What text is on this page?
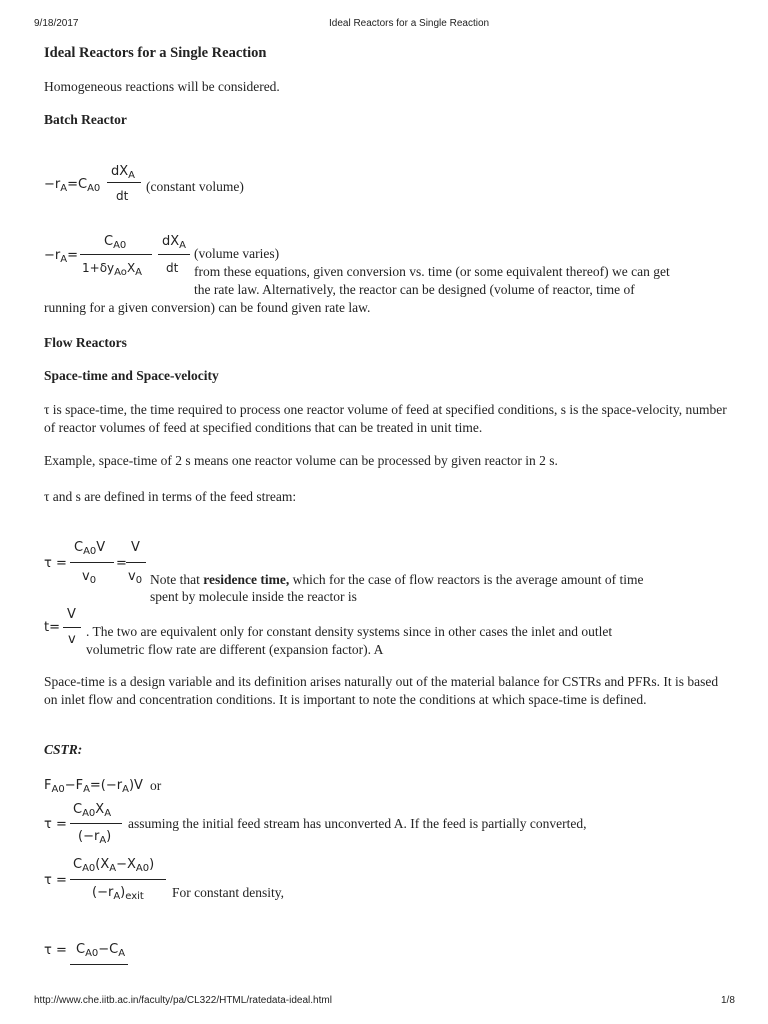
9/18/2017	Ideal Reactors for a Single Reaction
Ideal Reactors for a Single Reaction
Homogeneous reactions will be considered.
Batch Reactor
$-r_A=C_{A0}$
$dX_A$
dt
(constant volume)
$-r_A=$
$C_{A0}$
$1+\delta y_{Ao}X_A$
$dX_A$
dt
(volume varies)
from these equations, given conversion vs. time (or some equivalent thereof) we can get
the rate law. Alternatively, the reactor can be designed (volume of reactor, time of
running for a given conversion) can be found given rate law.
Flow Reactors
Space-time and Space-velocity
τ is space-time, the time required to process one reactor volume of feed at specified conditions, s is the space-velocity, number of reactor volumes of feed at specified conditions that can be treated in unit time.
Example, space-time of 2 s means one reactor volume can be processed by given reactor in 2 s.
τ and s are defined in terms of the feed stream:
τ =
$C_{A0}V$
$v_0$
=
V
$v_0$ Note that residence time, which for the case of flow reactors is the average amount of time
spent by molecule inside the reactor is
t=
V
v
. The two are equivalent only for constant density systems since in other cases the inlet and outlet
volumetric flow rate are different (expansion factor). A
Space-time is a design variable and its definition arises naturally out of the material balance for CSTRs and PFRs. It is based on inlet flow and concentration conditions. It is important to note the conditions at which space-time is defined.
CSTR:
$F_{A0}-F_A=(-r_A)V$ or
τ =
$C_{A0}X_A$
$(-r_A)$
assuming the initial feed stream has unconverted A. If the feed is partially converted,
τ =
$C_{A0}(X_A-X_{A0})$
$(-r_A)_{exit}$ For constant density,
$\tau = C_{A0}-C_A$
http://www.che.iitb.ac.in/faculty/pa/CL322/HTML/ratedata-ideal.html	1/8
